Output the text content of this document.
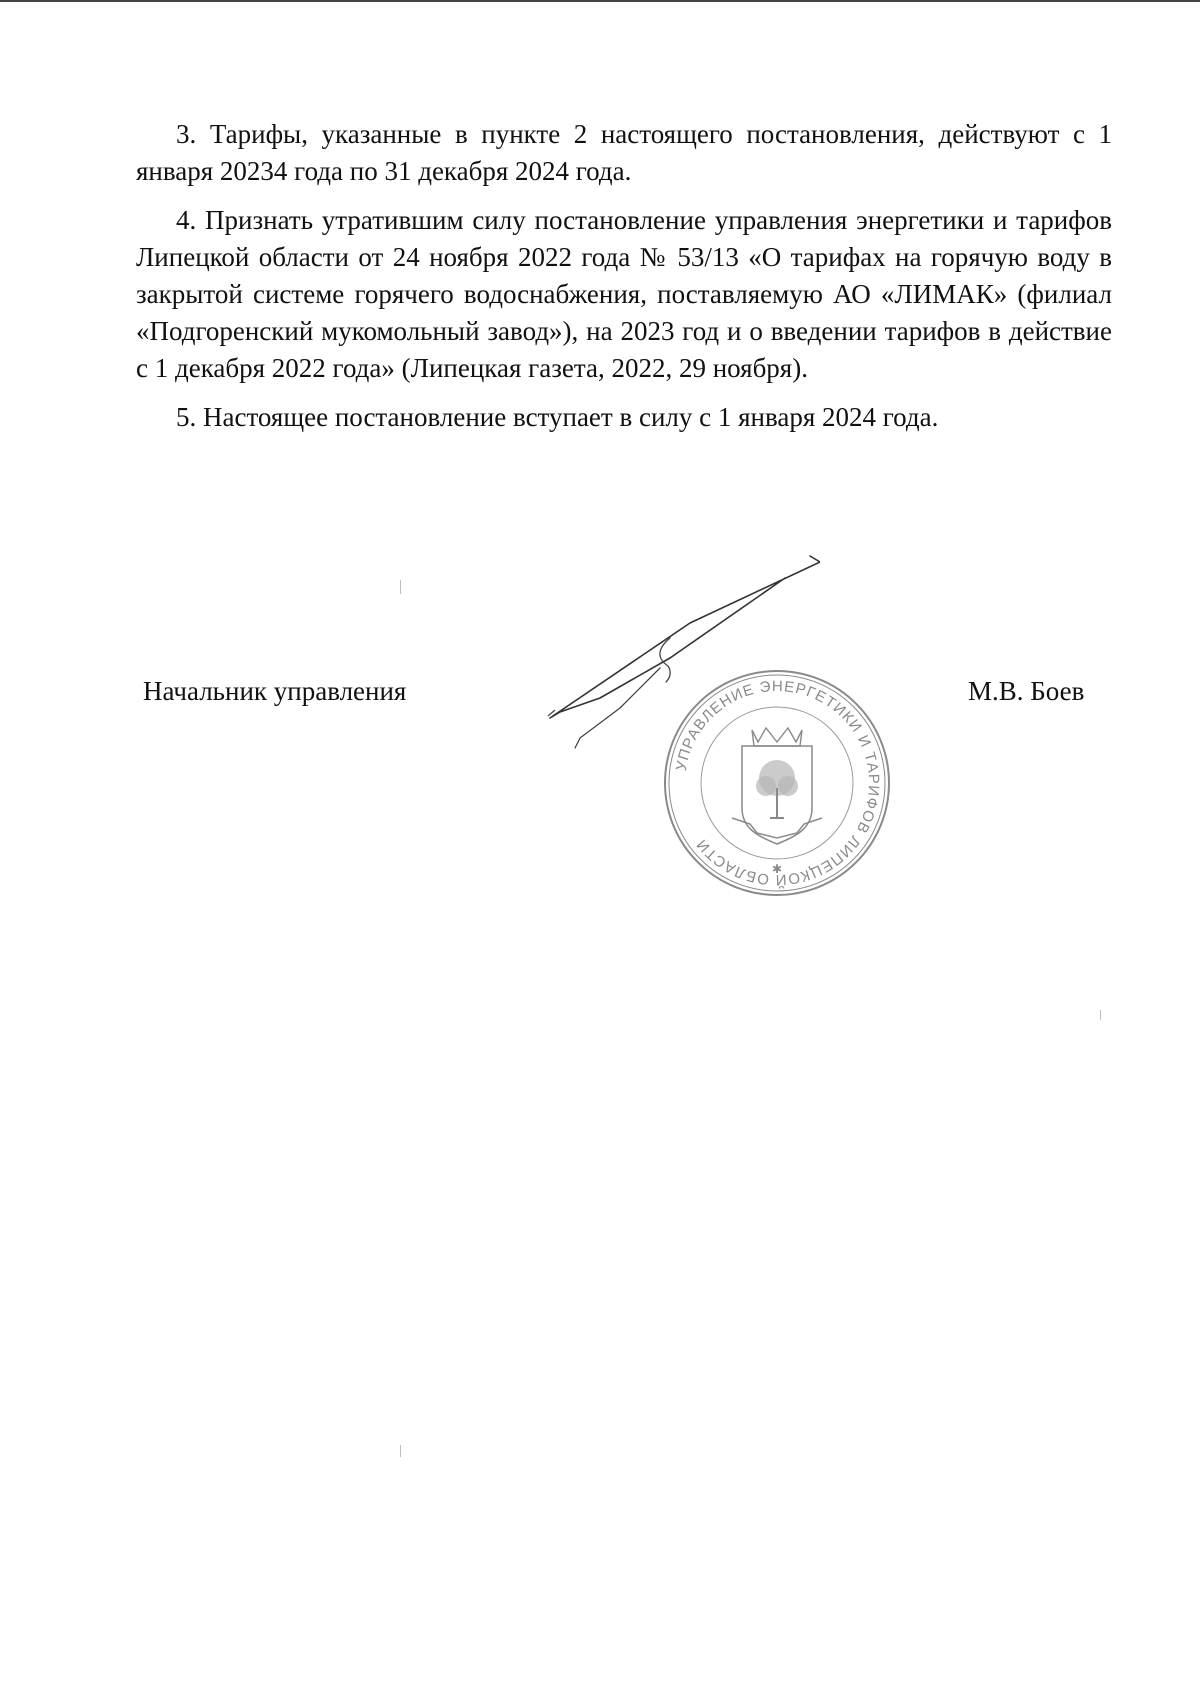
3. Тарифы, указанные в пункте 2 настоящего постановления, действуют с 1 января 20234 года по 31 декабря 2024 года.

4. Признать утратившим силу постановление управления энергетики и тарифов Липецкой области от 24 ноября 2022 года № 53/13 «О тарифах на горячую воду в закрытой системе горячего водоснабжения, поставляемую АО «ЛИМАК» (филиал «Подгоренский мукомольный завод»), на 2023 год и о введении тарифов в действие с 1 декабря 2022 года» (Липецкая газета, 2022, 29 ноября).

5. Настоящее постановление вступает в силу с 1 января 2024 года.

Начальник управления	М.В. Боев
УПРАВЛЕНИЕ ЭНЕРГЕТИКИ И ТАРИФОВ ЛИПЕЦКОЙ ОБЛАСТИ
✱
